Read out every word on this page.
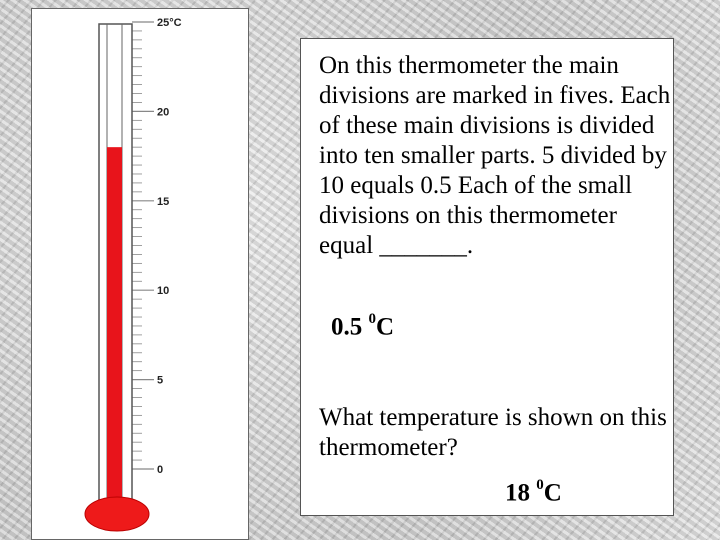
25°C
20
15
10
5
0

On this thermometer the main divisions are marked in fives. Each of these main divisions is divided into ten smaller parts. 5 divided by 10 equals 0.5 Each of the small divisions on this thermometer equal _______.

0.5 $^0$C

What temperature is shown on this thermometer?

18 $^0$C
